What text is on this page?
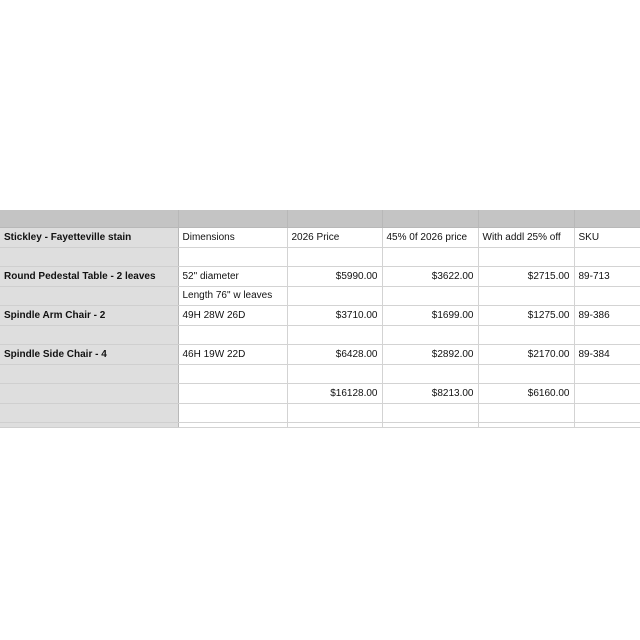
Stickley - Fayetteville stain	Dimensions	2026 Price	45% 0f 2026 price	With addl 25% off	SKU

Round Pedestal Table - 2 leaves	52" diameter	$5990.00	$3622.00	$2715.00	89-713
	Length 76" w leaves				
Spindle Arm Chair - 2	49H 28W 26D	$3710.00	$1699.00	$1275.00	89-386

Spindle Side Chair - 4	46H 19W 22D	$6428.00	$2892.00	$2170.00	89-384

		$16128.00	$8213.00	$6160.00	
